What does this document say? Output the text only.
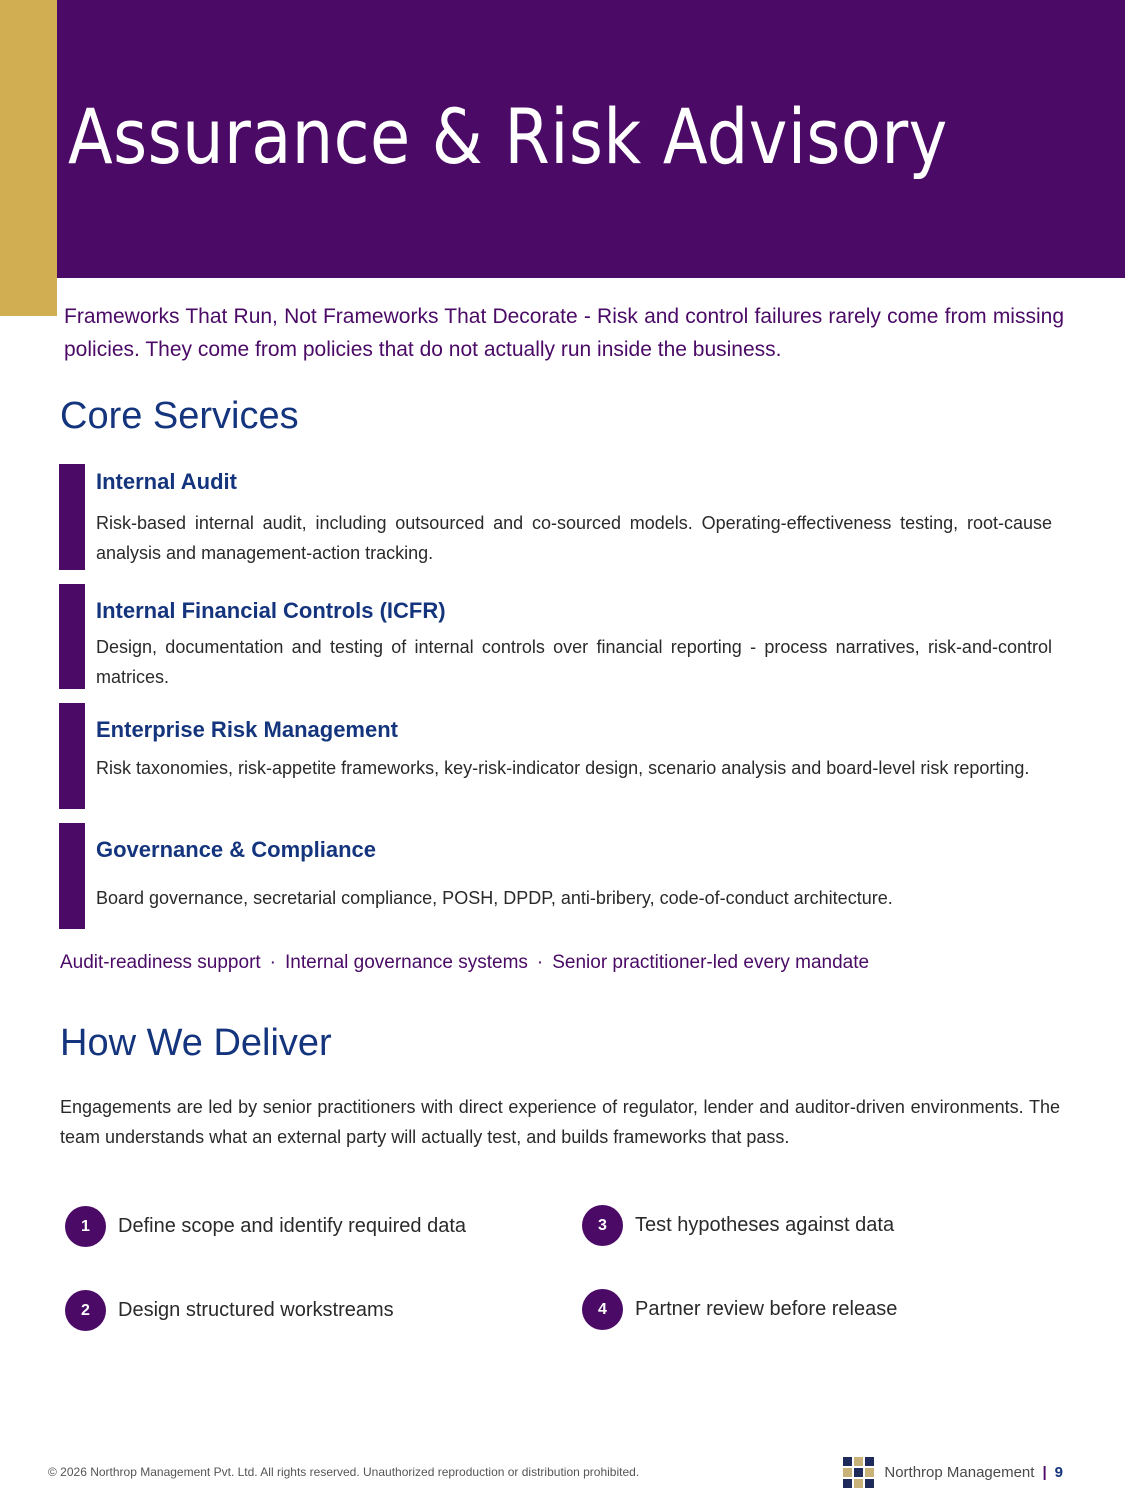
Assurance & Risk Advisory

Frameworks That Run, Not Frameworks That Decorate - Risk and control failures rarely come from missing policies. They come from policies that do not actually run inside the business.

Core Services
Internal Audit

Risk-based internal audit, including outsourced and co-sourced models. Operating-effectiveness testing, root-cause analysis and management-action tracking.

Internal Financial Controls (ICFR)

Design, documentation and testing of internal controls over financial reporting - process narratives, risk-and-control matrices.

Enterprise Risk Management

Risk taxonomies, risk-appetite frameworks, key-risk-indicator design, scenario analysis and board-level risk reporting.

Governance & Compliance

Board governance, secretarial compliance, POSH, DPDP, anti-bribery, code-of-conduct architecture.

Audit-readiness support · Internal governance systems · Senior practitioner-led every mandate
How We Deliver

Engagements are led by senior practitioners with direct experience of regulator, lender and auditor-driven environments. The team understands what an external party will actually test, and builds frameworks that pass.

1	Define scope and identify required data
2	Design structured workstreams
3	Test hypotheses against data
4	Partner review before release
© 2026 Northrop Management Pvt. Ltd. All rights reserved. Unauthorized reproduction or distribution prohibited.	Northrop Management | 9
